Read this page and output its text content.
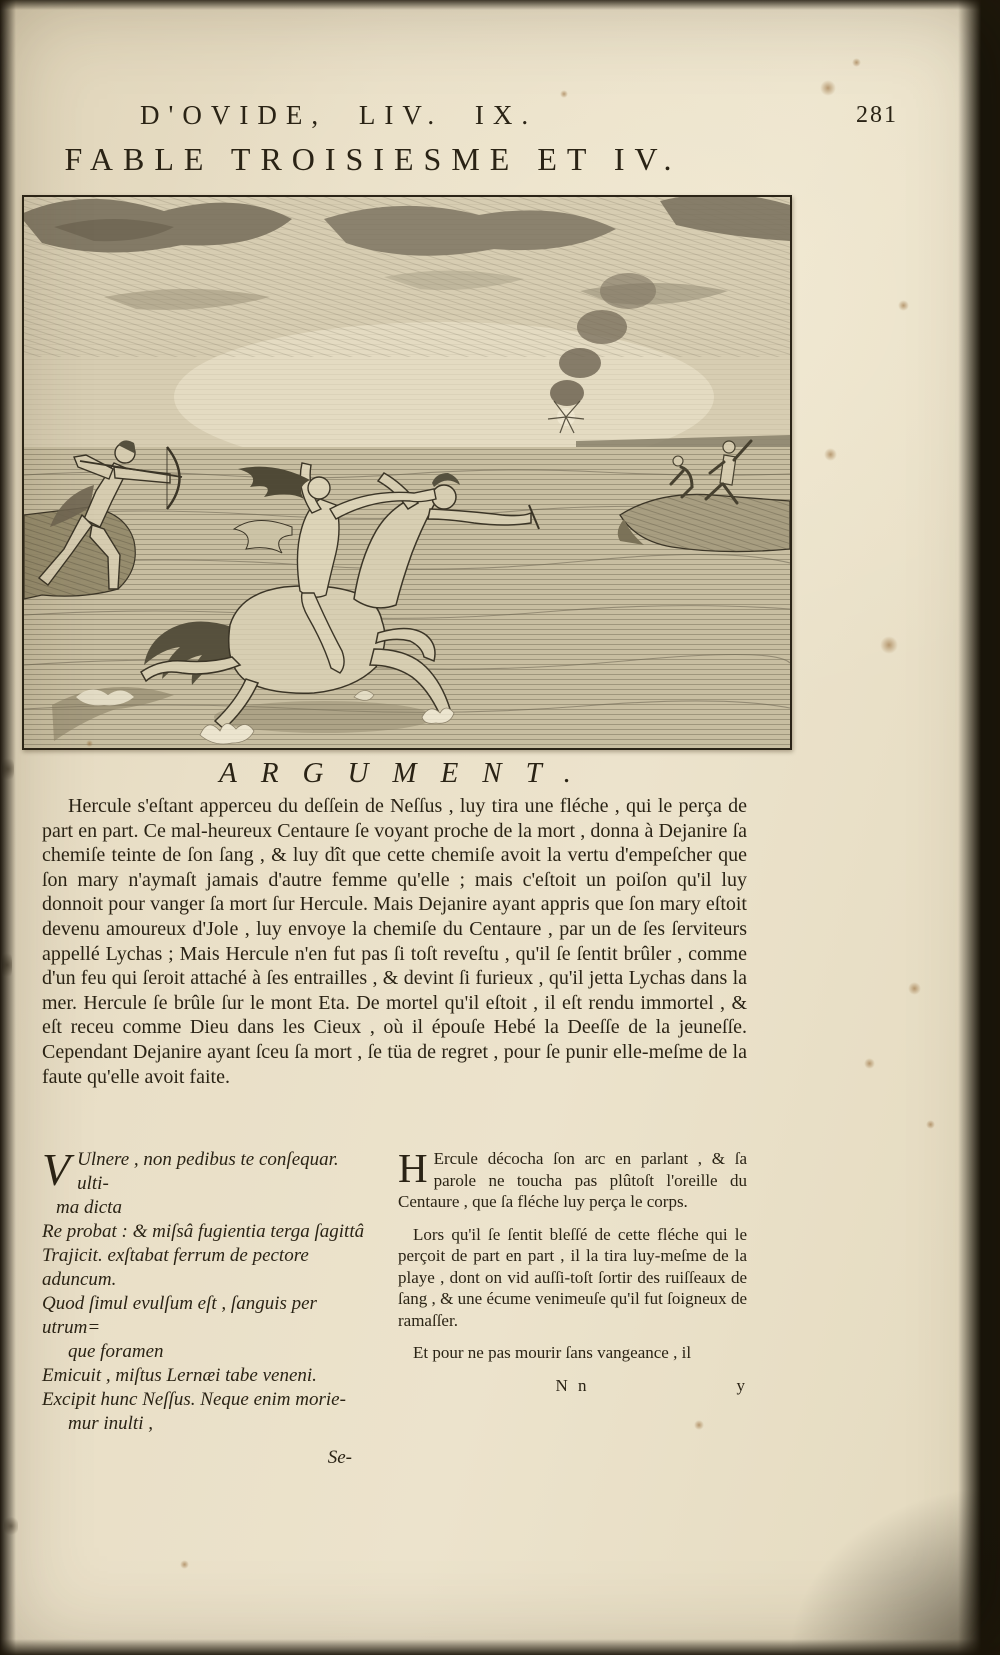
D'OVIDE, LIV. IX.	281
FABLE TROISIESME ET IV.
ARGUMENT.

Hercule s'eſtant apperceu du deſſein de Neſſus , luy tira une fléche , qui le perça de part en part. Ce mal-heureux Centaure ſe voyant proche de la mort , donna à Dejanire ſa chemiſe teinte de ſon ſang , & luy dît que cette chemiſe avoit la vertu d'empeſcher que ſon mary n'aymaſt jamais d'autre femme qu'elle ; mais c'eſtoit un poiſon qu'il luy donnoit pour vanger ſa mort ſur Hercule. Mais Dejanire ayant appris que ſon mary eſtoit devenu amoureux d'Jole , luy envoye la chemiſe du Centaure , par un de ſes ſerviteurs appellé Lychas ; Mais Hercule n'en fut pas ſi toſt reveſtu , qu'il ſe ſentit brûler , comme d'un feu qui ſeroit attaché à ſes entrailles , & devint ſi furieux , qu'il jetta Lychas dans la mer. Hercule ſe brûle ſur le mont Eta. De mortel qu'il eſtoit , il eſt rendu immortel , & eſt receu comme Dieu dans les Cieux , où il épouſe Hebé la Deeſſe de la jeuneſſe. Cependant Dejanire ayant ſceu ſa mort , ſe tüa de regret , pour ſe punir elle-meſme de la faute qu'elle avoit faite.

V Ulnere , non pedibus te conſequar. ulti-
ma dicta
Re probat : & miſsâ fugientia terga ſagittâ
Trajicit. exſtabat ferrum de pectore aduncum.
Quod ſimul evulſum eſt , ſanguis per utrum=
que foramen
Emicuit , miſtus Lernæi tabe veneni.
Excipit hunc Neſſus. Neque enim morie-
mur inulti ,
Se-

H Ercule décocha ſon arc en parlant , & ſa parole ne toucha pas plûtoſt l'oreille du Centaure , que ſa fléche luy perça le corps.

Lors qu'il ſe ſentit bleſſé de cette fléche qui le perçoit de part en part , il la tira luy-meſme de la playe , dont on vid auſſi-toſt ſortir des ruiſſeaux de ſang , & une écume venimeuſe qu'il fut ſoigneux de ramaſſer.

Et pour ne pas mourir ſans vangeance , il

N n	y
